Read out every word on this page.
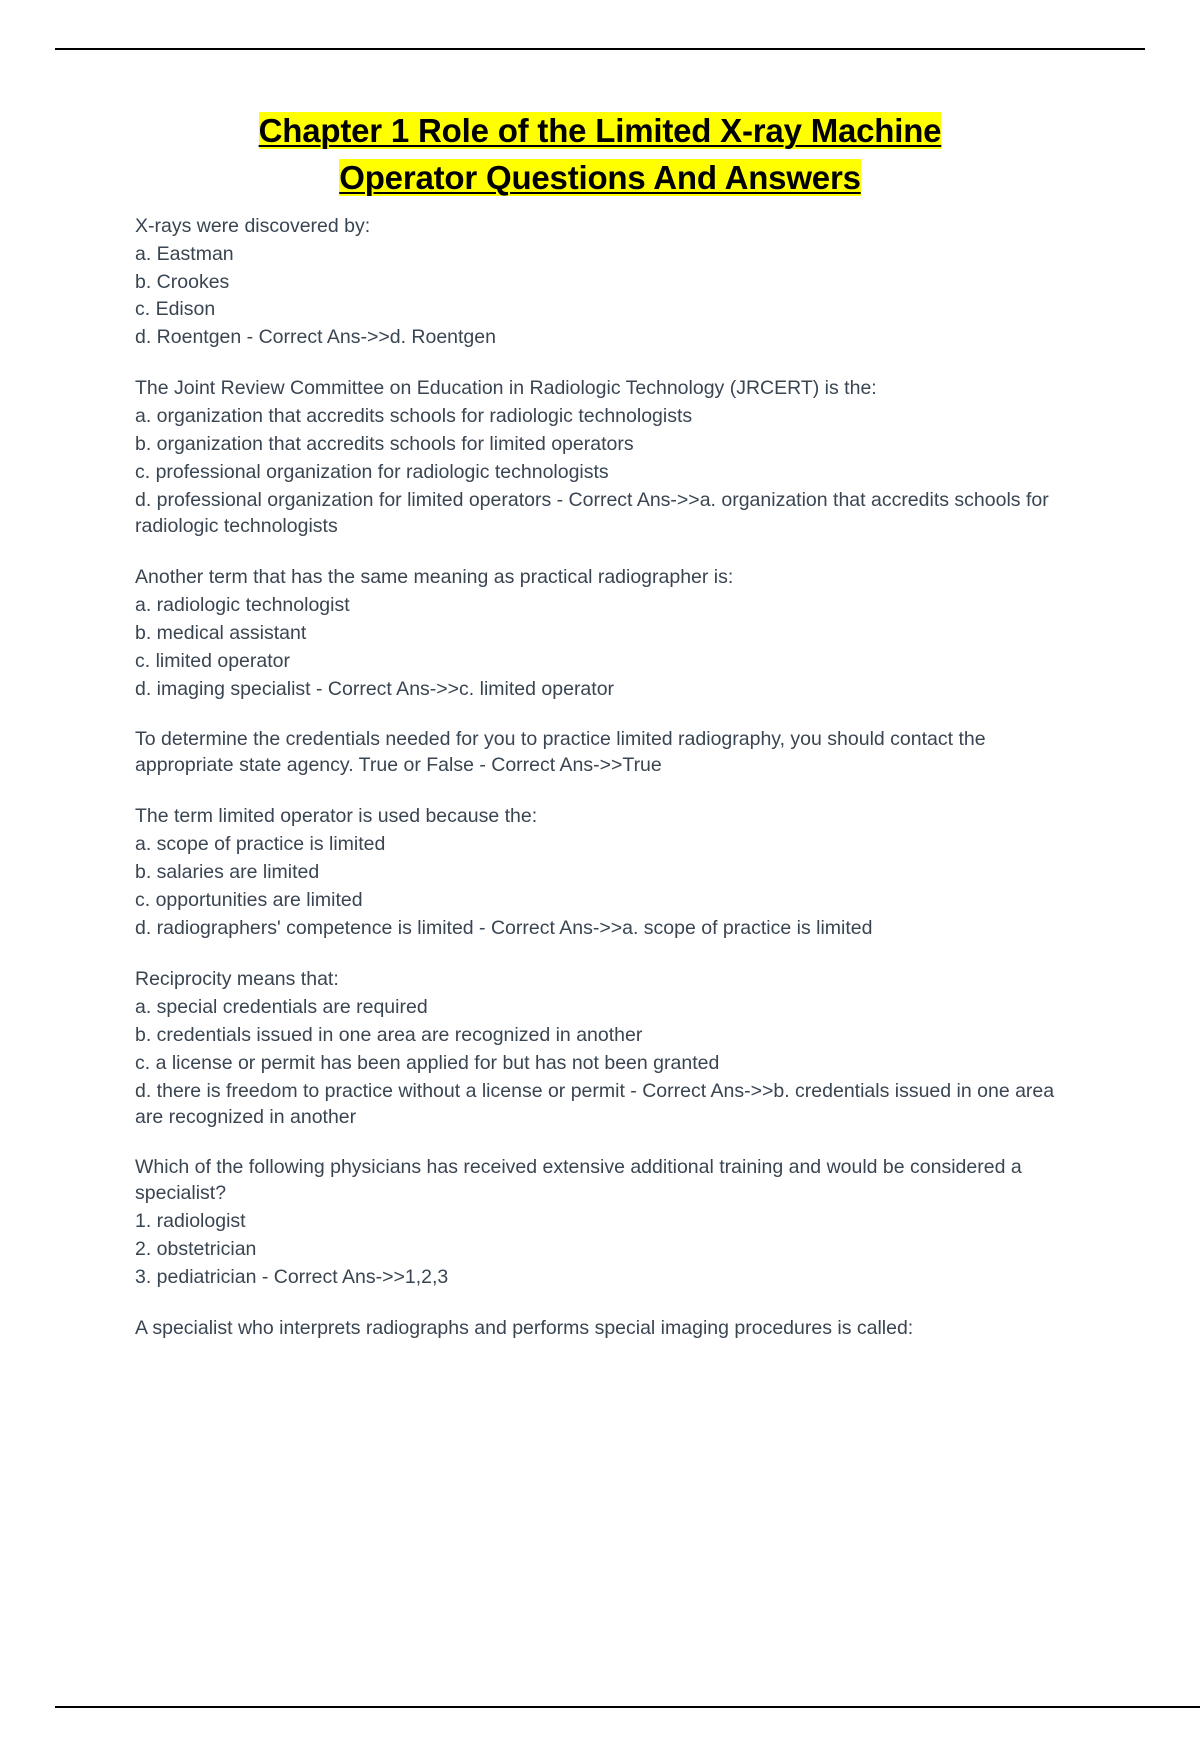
Chapter 1 Role of the Limited X-ray Machine
Operator Questions And Answers

X-rays were discovered by:

a. Eastman

b. Crookes

c. Edison

d. Roentgen - Correct Ans->>d. Roentgen

The Joint Review Committee on Education in Radiologic Technology (JRCERT) is the:

a. organization that accredits schools for radiologic technologists

b. organization that accredits schools for limited operators

c. professional organization for radiologic technologists

d. professional organization for limited operators - Correct Ans->>a. organization that accredits schools for radiologic technologists

Another term that has the same meaning as practical radiographer is:

a. radiologic technologist

b. medical assistant

c. limited operator

d. imaging specialist - Correct Ans->>c. limited operator

To determine the credentials needed for you to practice limited radiography, you should contact the appropriate state agency. True or False - Correct Ans->>True

The term limited operator is used because the:

a. scope of practice is limited

b. salaries are limited

c. opportunities are limited

d. radiographers' competence is limited - Correct Ans->>a. scope of practice is limited

Reciprocity means that:

a. special credentials are required

b. credentials issued in one area are recognized in another

c. a license or permit has been applied for but has not been granted

d. there is freedom to practice without a license or permit - Correct Ans->>b. credentials issued in one area are recognized in another

Which of the following physicians has received extensive additional training and would be considered a specialist?

1. radiologist

2. obstetrician

3. pediatrician - Correct Ans->>1,2,3

A specialist who interprets radiographs and performs special imaging procedures is called:
